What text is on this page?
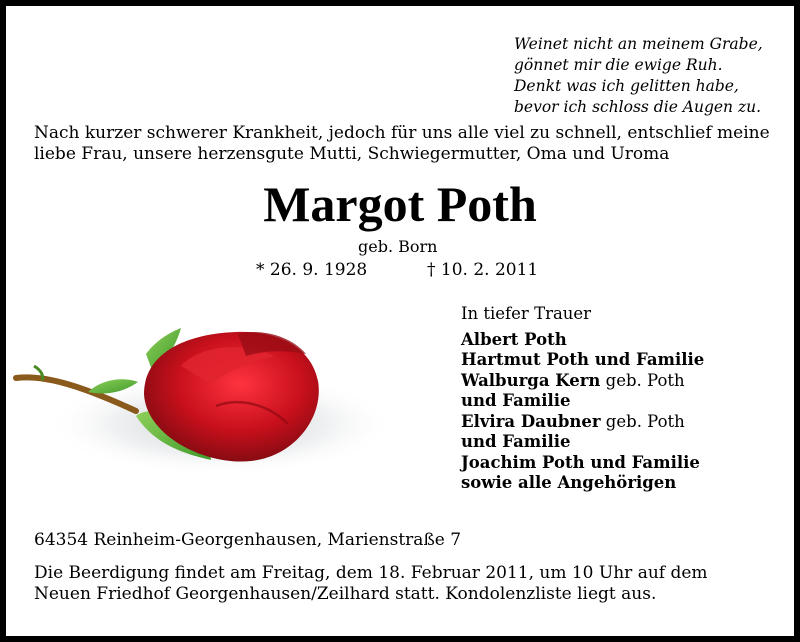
Weinet nicht an meinem Grabe,
gönnet mir die ewige Ruh.
Denkt was ich gelitten habe,
bevor ich schloss die Augen zu.
Nach kurzer schwerer Krankheit, jedoch für uns alle viel zu schnell, entschlief meine
liebe Frau, unsere herzensgute Mutti, Schwiegermutter, Oma und Uroma
Margot Poth
geb. Born
* 26. 9. 1928	† 10. 2. 2011
In tiefer Trauer
Albert Poth
Hartmut Poth und Familie
Walburga Kern geb. Poth
und Familie
Elvira Daubner geb. Poth
und Familie
Joachim Poth und Familie
sowie alle Angehörigen
64354 Reinheim-Georgenhausen, Marienstraße 7
Die Beerdigung findet am Freitag, dem 18. Februar 2011, um 10 Uhr auf dem
Neuen Friedhof Georgenhausen/Zeilhard statt. Kondolenzliste liegt aus.
